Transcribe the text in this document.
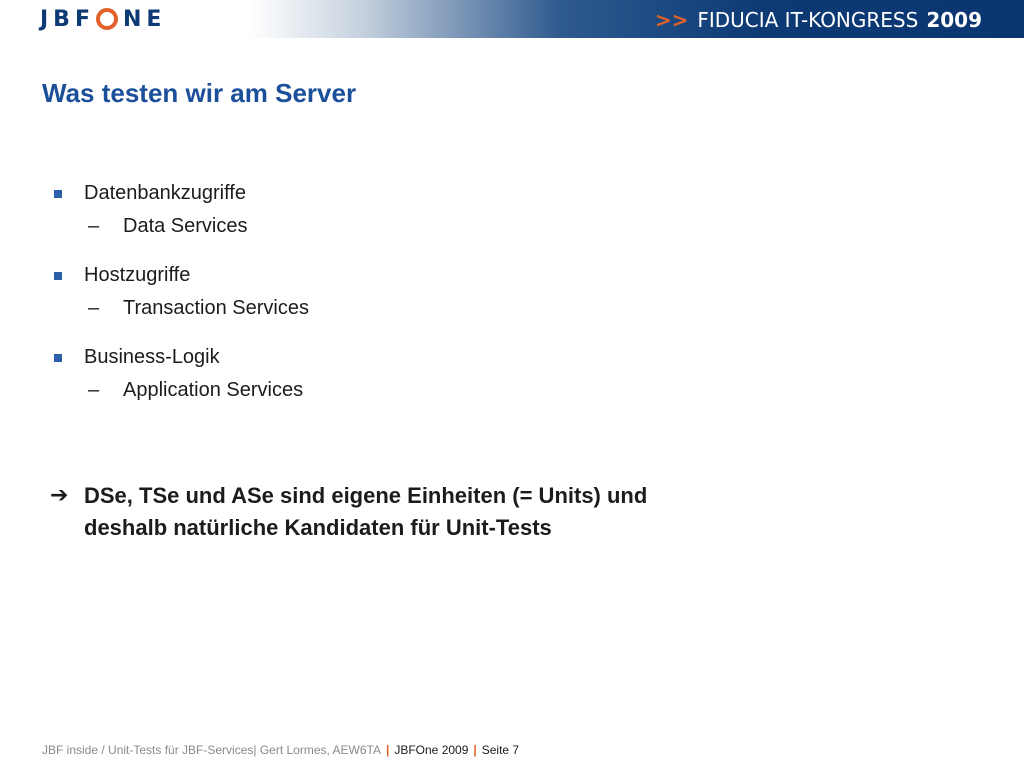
JBF NE	>> FIDUCIA IT-KONGRESS 2009
Was testen wir am Server
Datenbankzugriffe
–	Data Services
Hostzugriffe
–	Transaction Services
Business-Logik
–	Application Services
➔ DSe, TSe und ASe sind eigene Einheiten (= Units) und
deshalb natürliche Kandidaten für Unit-Tests
JBF inside / Unit-Tests für JBF-Services| Gert Lormes, AEW6TA | JBFOne 2009 | Seite 7
